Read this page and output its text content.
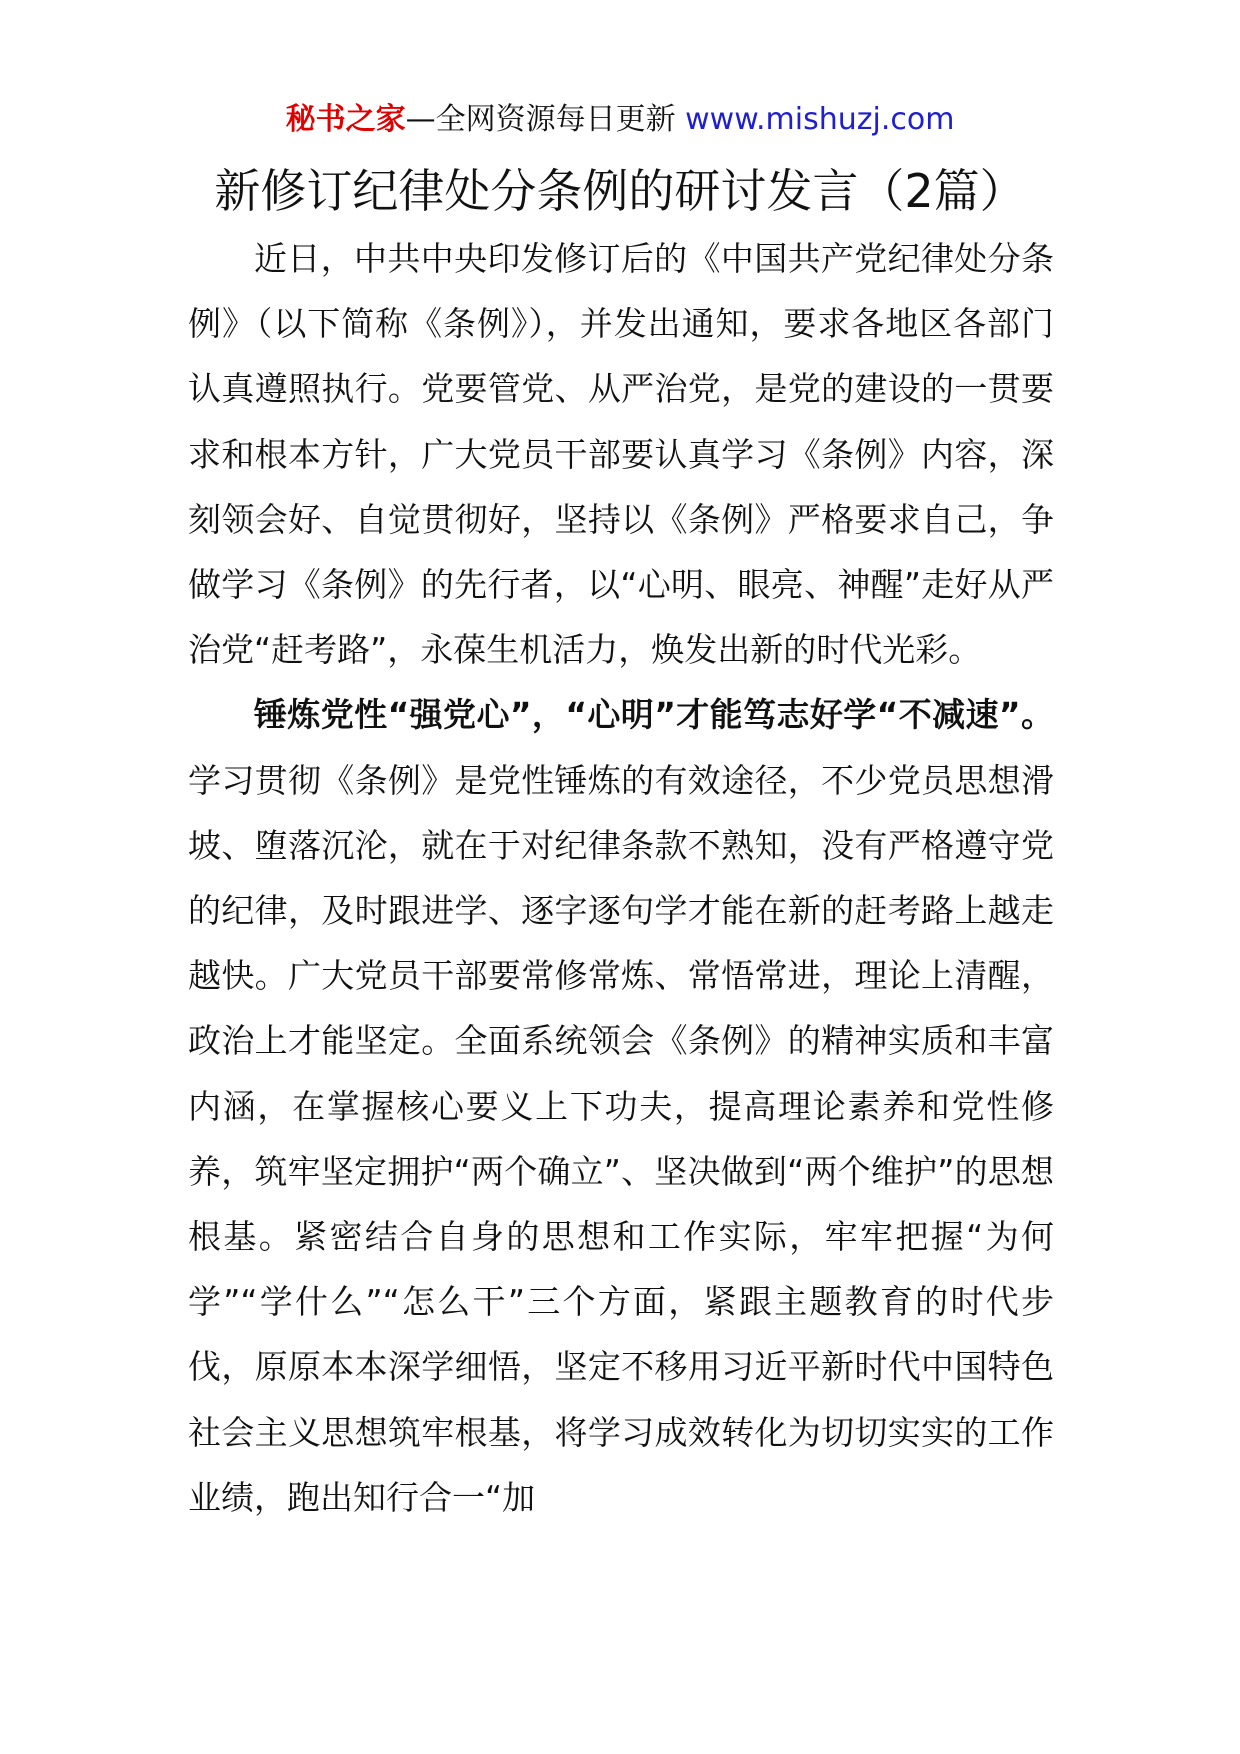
秘书之家—全网资源每日更新 www.mishuzj.com
新修订纪律处分条例的研讨发言（2篇）

近日，中共中央印发修订后的《中国共产党纪律处分条例》（以下简称《条例》），并发出通知，要求各地区各部门认真遵照执行。党要管党、从严治党，是党的建设的一贯要求和根本方针，广大党员干部要认真学习《条例》内容，深刻领会好、自觉贯彻好，坚持以《条例》严格要求自己，争做学习《条例》的先行者，以“心明、眼亮、神醒”走好从严治党“赶考路”，永葆生机活力，焕发出新的时代光彩。

锤炼党性“强党心”，“心明”才能笃志好学“不减速”。学习贯彻《条例》是党性锤炼的有效途径，不少党员思想滑坡、堕落沉沦，就在于对纪律条款不熟知，没有严格遵守党的纪律，及时跟进学、逐字逐句学才能在新的赶考路上越走越快。广大党员干部要常修常炼、常悟常进，理论上清醒，政治上才能坚定。全面系统领会《条例》的精神实质和丰富内涵，在掌握核心要义上下功夫，提高理论素养和党性修养，筑牢坚定拥护“两个确立”、坚决做到“两个维护”的思想根基。紧密结合自身的思想和工作实际，牢牢把握“为何学”“学什么”“怎么干”三个方面，紧跟主题教育的时代步伐，原原本本深学细悟，坚定不移用习近平新时代中国特色社会主义思想筑牢根基，将学习成效转化为切切实实的工作业绩，跑出知行合一“加
